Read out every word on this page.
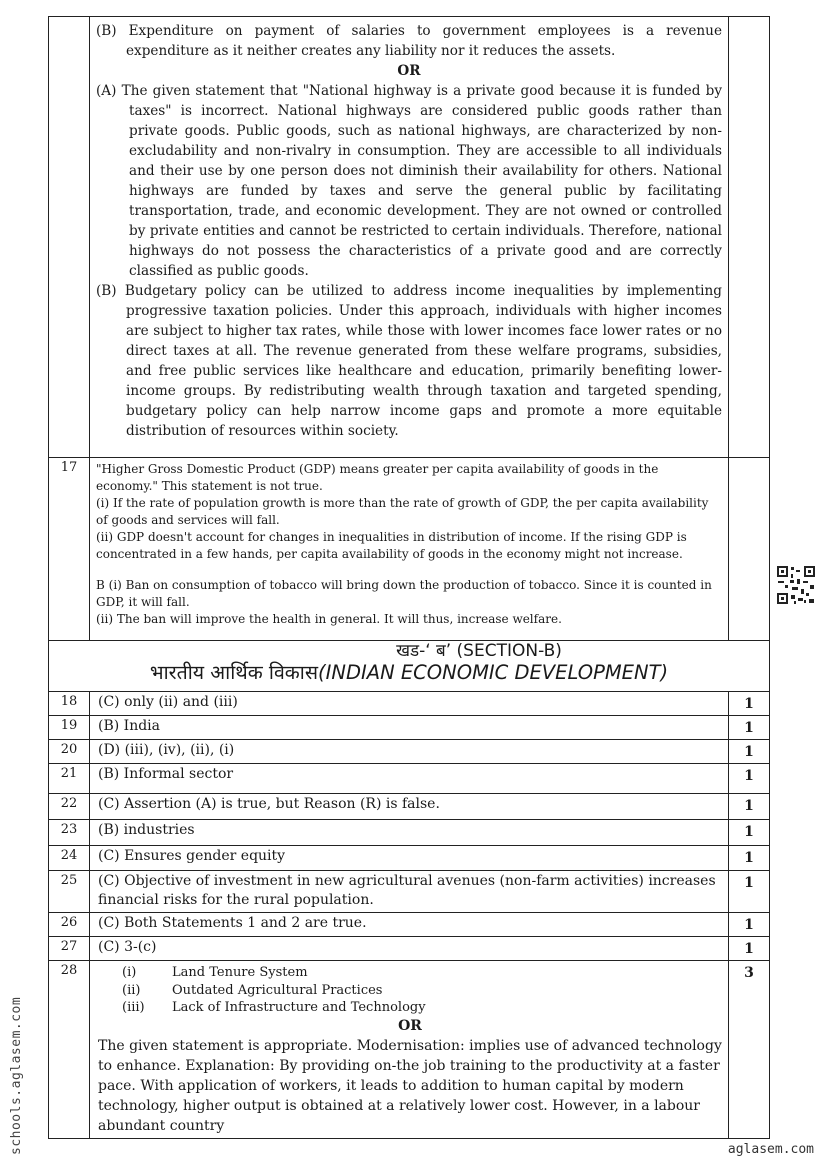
	(B) Expenditure on payment of salaries to government employees is a revenue expenditure as it neither creates any liability nor it reduces the assets.
OR
(A) The given statement that "National highway is a private good because it is funded by taxes" is incorrect. National highways are considered public goods rather than private goods. Public goods, such as national highways, are characterized by non-excludability and non-rivalry in consumption. They are accessible to all individuals and their use by one person does not diminish their availability for others. National highways are funded by taxes and serve the general public by facilitating transportation, trade, and economic development. They are not owned or controlled by private entities and cannot be restricted to certain individuals. Therefore, national highways do not possess the characteristics of a private good and are correctly classified as public goods.
(B) Budgetary policy can be utilized to address income inequalities by implementing progressive taxation policies. Under this approach, individuals with higher incomes are subject to higher tax rates, while those with lower incomes face lower rates or no direct taxes at all. The revenue generated from these welfare programs, subsidies, and free public services like healthcare and education, primarily benefiting lower-income groups. By redistributing wealth through taxation and targeted spending, budgetary policy can help narrow income gaps and promote a more equitable distribution of resources within society.	

17	"Higher Gross Domestic Product (GDP) means greater per capita availability of goods in the economy." This statement is not true.
(i) If the rate of population growth is more than the rate of growth of GDP, the per capita availability of goods and services will fall.
(ii) GDP doesn't account for changes in inequalities in distribution of income. If the rising GDP is concentrated in a few hands, per capita availability of goods in the economy might not increase.
B (i) Ban on consumption of tobacco will bring down the production of tobacco. Since it is counted in GDP, it will fall.
(ii) The ban will improve the health in general. It will thus, increase welfare.	

खड-‘ ब’ (SECTION-B)
भारतीय आर्थिक विकास(INDIAN ECONOMIC DEVELOPMENT)		

18	(C) only (ii) and (iii)	1
19	(B) India	1
20	(D) (iii), (iv), (ii), (i)	1
21	(B) Informal sector	1
22	(C) Assertion (A) is true, but Reason (R) is false.	1
23	(B) industries	1
24	(C) Ensures gender equity	1
25	(C) Objective of investment in new agricultural avenues (non-farm activities) increases financial risks for the rural population.	1
26	(C) Both Statements 1 and 2 are true.	1
27	(C) 3-(c)	1
28	(i) Land Tenure System
(ii) Outdated Agricultural Practices
(iii) Lack of Infrastructure and Technology
OR
The given statement is appropriate. Modernisation: implies use of advanced technology to enhance. Explanation: By providing on-the job training to the productivity at a faster pace. With application of workers, it leads to addition to human capital by modern technology, higher output is obtained at a relatively lower cost. However, in a labour abundant country	3
schools.aglasem.com	aglasem.com
